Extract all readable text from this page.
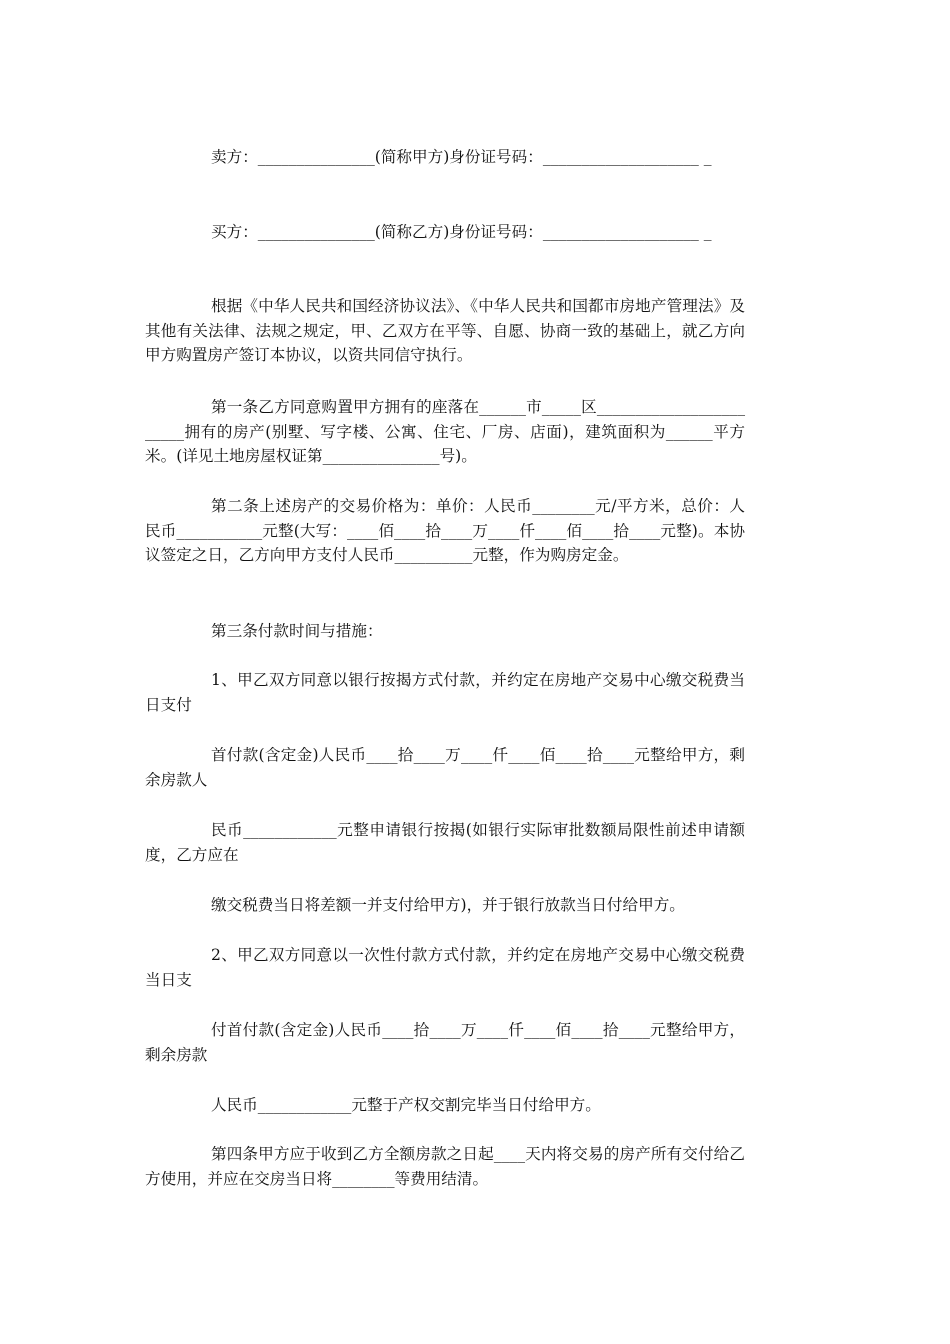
卖方：_______________(简称甲方)身份证号码：____________________ _

买方：_______________(简称乙方)身份证号码：____________________ _

根据《中华人民共和国经济协议法》、《中华人民共和国都市房地产管理法》及其他有关法律、法规之规定，甲、乙双方在平等、自愿、协商一致的基础上，就乙方向甲方购置房产签订本协议，以资共同信守执行。

第一条乙方同意购置甲方拥有的座落在______市_____区________________________拥有的房产(别墅、写字楼、公寓、住宅、厂房、店面)，建筑面积为______平方米。(详见土地房屋权证第_______________号)。

第二条上述房产的交易价格为：单价：人民币________元/平方米，总价：人民币___________元整(大写：____佰____拾____万____仟____佰____拾____元整)。本协议签定之日，乙方向甲方支付人民币__________元整，作为购房定金。

第三条付款时间与措施：

1、甲乙双方同意以银行按揭方式付款，并约定在房地产交易中心缴交税费当日支付

首付款(含定金)人民币____拾____万____仟____佰____拾____元整给甲方，剩余房款人

民币____________元整申请银行按揭(如银行实际审批数额局限性前述申请额度，乙方应在

缴交税费当日将差额一并支付给甲方)，并于银行放款当日付给甲方。

2、甲乙双方同意以一次性付款方式付款，并约定在房地产交易中心缴交税费当日支

付首付款(含定金)人民币____拾____万____仟____佰____拾____元整给甲方，剩余房款

人民币____________元整于产权交割完毕当日付给甲方。

第四条甲方应于收到乙方全额房款之日起____天内将交易的房产所有交付给乙方使用，并应在交房当日将________等费用结清。
